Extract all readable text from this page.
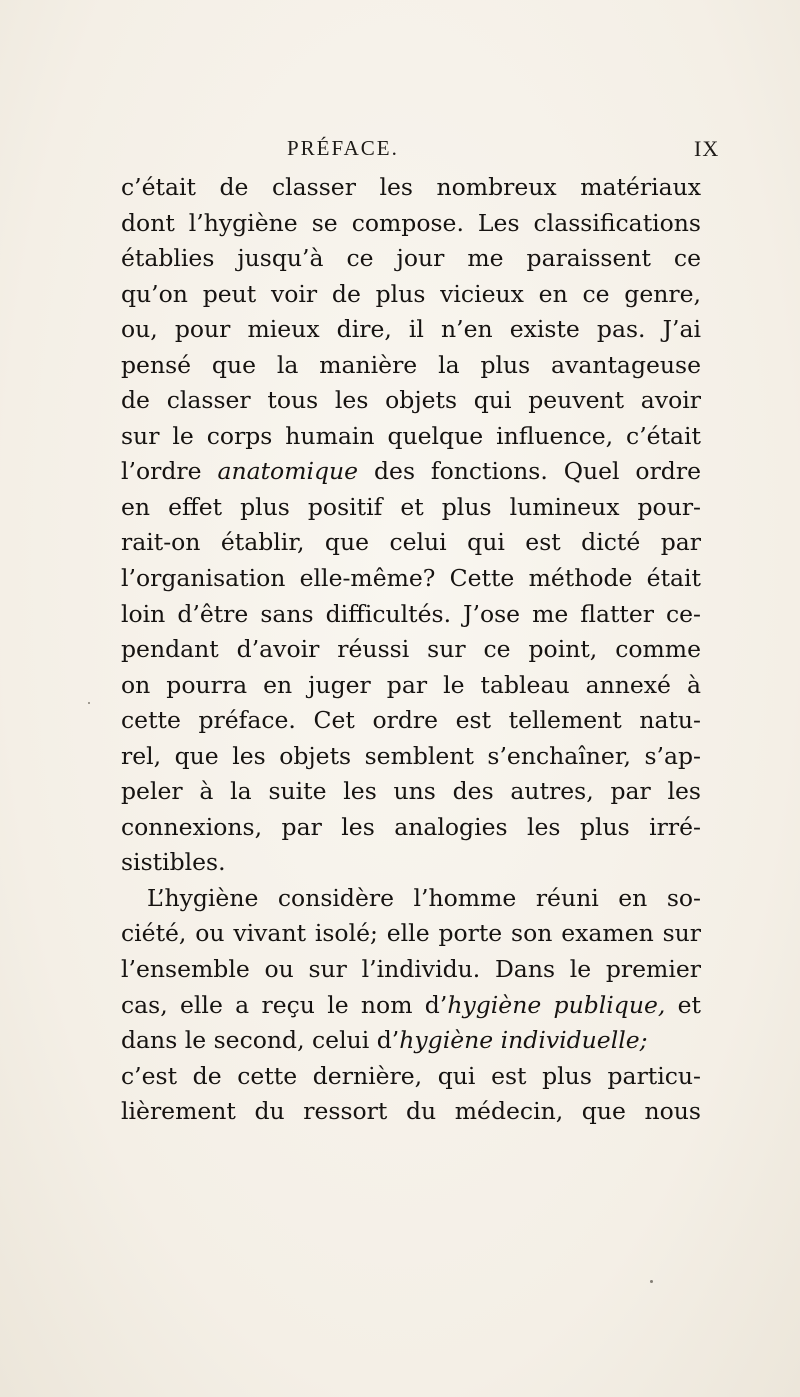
PRÉFACE.	IX
c’était de classer les nombreux matériaux
dont l’hygiène se compose. Les classifications
établies jusqu’à ce jour me paraissent ce
qu’on peut voir de plus vicieux en ce genre,
ou, pour mieux dire, il n’en existe pas. J’ai
pensé que la manière la plus avantageuse
de classer tous les objets qui peuvent avoir
sur le corps humain quelque influence, c’était
l’ordre anatomique des fonctions. Quel ordre
en effet plus positif et plus lumineux pour-
rait-on établir, que celui qui est dicté par
l’organisation elle-même? Cette méthode était
loin d’être sans difficultés. J’ose me flatter ce-
pendant d’avoir réussi sur ce point, comme
on pourra en juger par le tableau annexé à
cette préface. Cet ordre est tellement natu-
rel, que les objets semblent s’enchaîner, s’ap-
peler à la suite les uns des autres, par les
connexions, par les analogies les plus irré-
sistibles.
L’hygiène considère l’homme réuni en so-
ciété, ou vivant isolé; elle porte son examen sur
l’ensemble ou sur l’individu. Dans le premier
cas, elle a reçu le nom d’hygiène publique, et
dans le second, celui d’hygiène individuelle;
c’est de cette dernière, qui est plus particu-
lièrement du ressort du médecin, que nous
